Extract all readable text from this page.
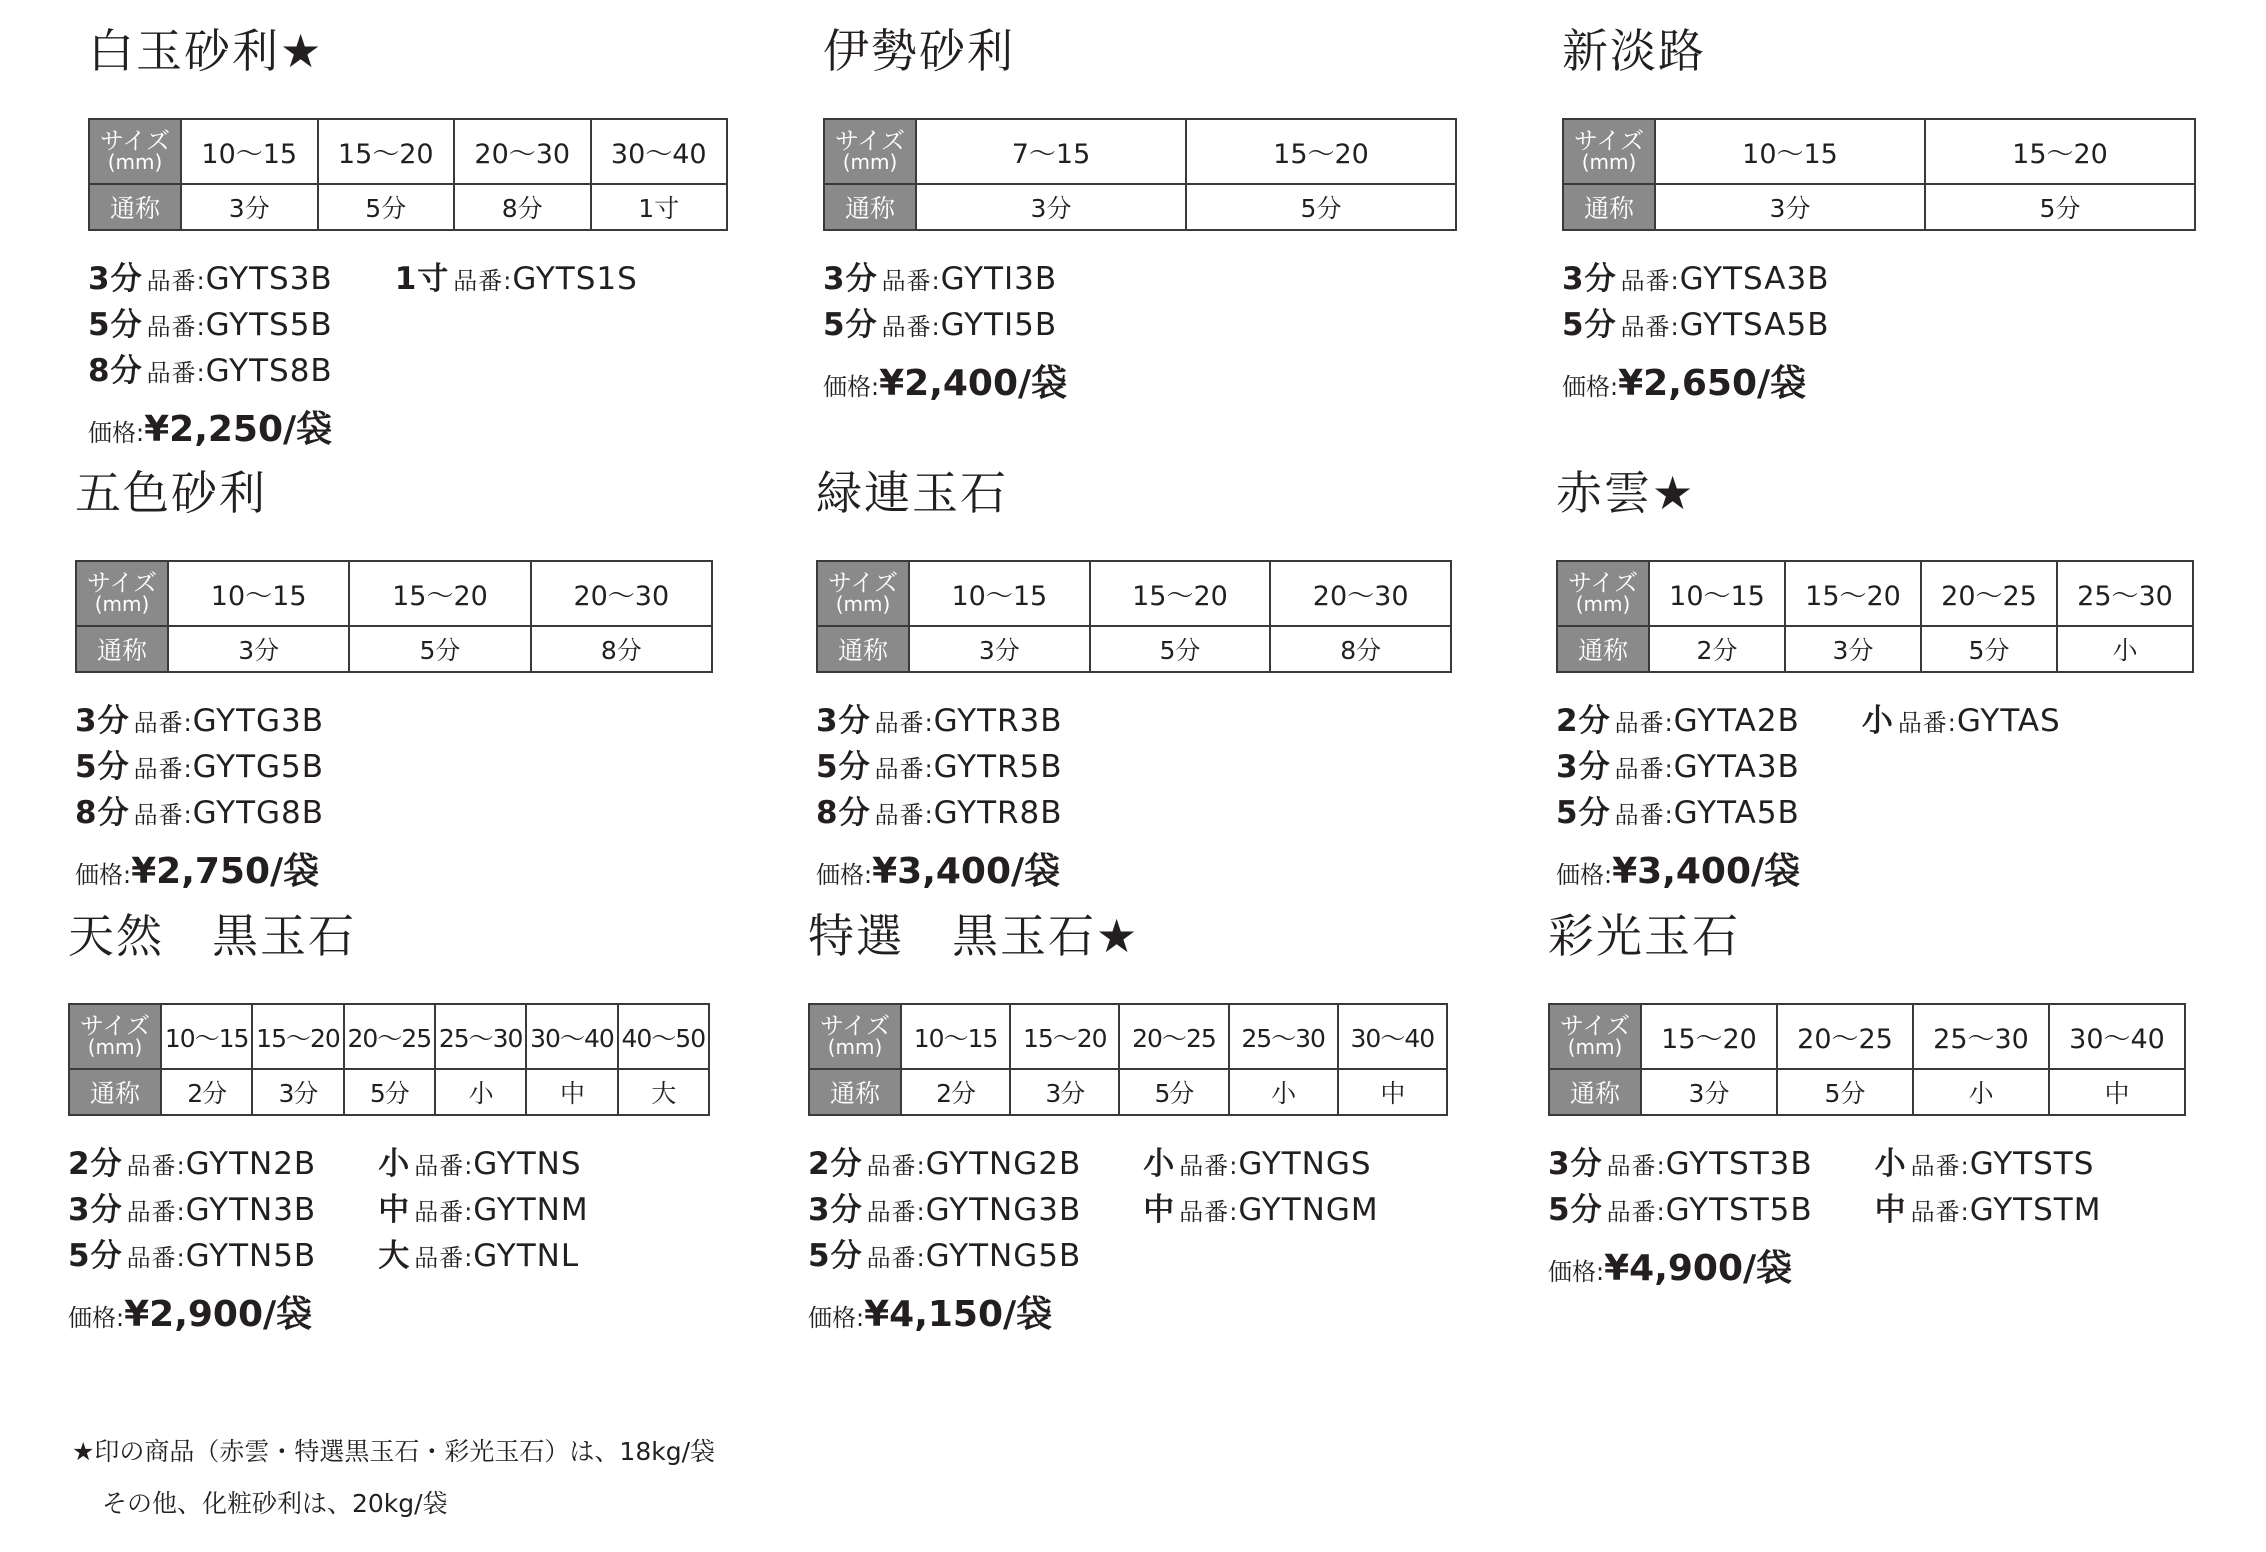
白玉砂利★
サイズ
(mm)	10〜15	15〜20	20〜30	30〜40
通称	3分	5分	8分	1寸
3分 品番:GYTS3B
5分 品番:GYTS5B
8分 品番:GYTS8B
1寸 品番:GYTS1S
価格:¥2,250/袋
伊勢砂利
サイズ
(mm)	7〜15	15〜20
通称	3分	5分
3分 品番:GYTI3B
5分 品番:GYTI5B
価格:¥2,400/袋
新淡路
サイズ
(mm)	10〜15	15〜20
通称	3分	5分
3分 品番:GYTSA3B
5分 品番:GYTSA5B
価格:¥2,650/袋
五色砂利
サイズ
(mm)	10〜15	15〜20	20〜30
通称	3分	5分	8分
3分 品番:GYTG3B
5分 品番:GYTG5B
8分 品番:GYTG8B
価格:¥2,750/袋
緑連玉石
サイズ
(mm)	10〜15	15〜20	20〜30
通称	3分	5分	8分
3分 品番:GYTR3B
5分 品番:GYTR5B
8分 品番:GYTR8B
価格:¥3,400/袋
赤雲★
サイズ
(mm)	10〜15	15〜20	20〜25	25〜30
通称	2分	3分	5分	小
2分 品番:GYTA2B
3分 品番:GYTA3B
5分 品番:GYTA5B
小 品番:GYTAS
価格:¥3,400/袋
天然　黒玉石
サイズ
(mm)	10〜15	15〜20	20〜25	25〜30	30〜40	40〜50
通称	2分	3分	5分	小	中	大
2分 品番:GYTN2B
3分 品番:GYTN3B
5分 品番:GYTN5B
小 品番:GYTNS
中 品番:GYTNM
大 品番:GYTNL
価格:¥2,900/袋
特選　黒玉石★
サイズ
(mm)	10〜15	15〜20	20〜25	25〜30	30〜40
通称	2分	3分	5分	小	中
2分 品番:GYTNG2B
3分 品番:GYTNG3B
5分 品番:GYTNG5B
小 品番:GYTNGS
中 品番:GYTNGM
価格:¥4,150/袋
彩光玉石
サイズ
(mm)	15〜20	20〜25	25〜30	30〜40
通称	3分	5分	小	中
3分 品番:GYTST3B
5分 品番:GYTST5B
小 品番:GYTSTS
中 品番:GYTSTM
価格:¥4,900/袋
★印の商品（赤雲・特選黒玉石・彩光玉石）は、18kg/袋
その他、化粧砂利は、20kg/袋
